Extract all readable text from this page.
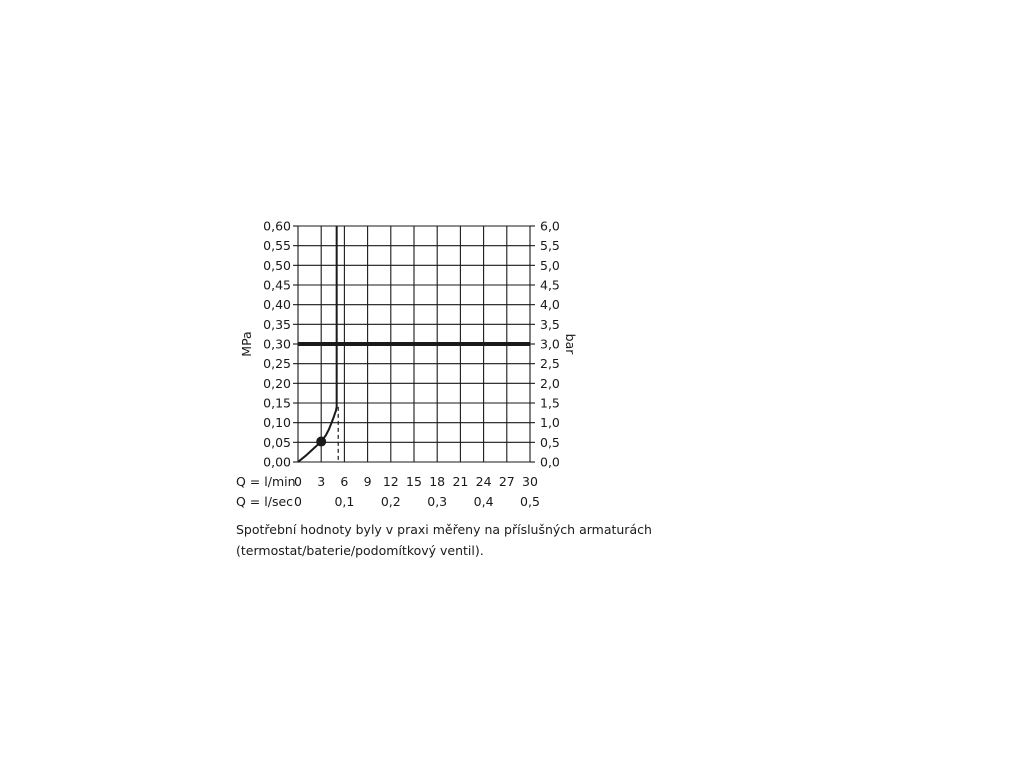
0,00
0,05
0,10
0,15
0,20
0,25
0,30
0,35
0,40
0,45
0,50
0,55
0,60
0,0
0,5
1,0
1,5
2,0
2,5
3,0
3,5
4,0
4,5
5,0
5,5
6,0
0 3 6 9 12 15 18 21 24 27 30
0	0,1 0,2 0,3 0,4 0,5
MPa	bar
Q = l/min
Q = l/sec

Spotřební hodnoty byly v praxi měřeny na příslušných armaturách (termostat/baterie/podomítkový ventil).
